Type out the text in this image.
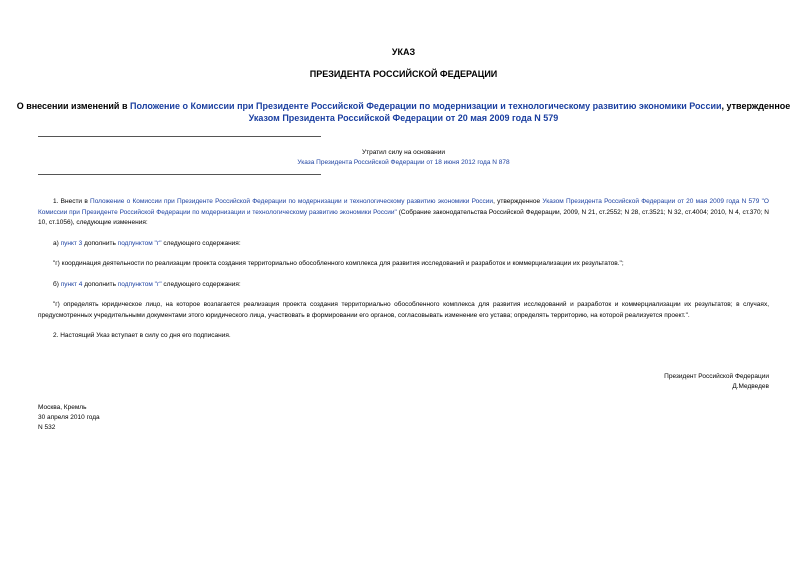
УКАЗ
ПРЕЗИДЕНТА РОССИЙСКОЙ ФЕДЕРАЦИИ
О внесении изменений в Положение о Комиссии при Президенте Российской Федерации по модернизации и технологическому развитию экономики России, утвержденное Указом Президента Российской Федерации от 20 мая 2009 года N 579
Утратил силу на основании
Указа Президента Российской Федерации от 18 июня 2012 года N 878

1. Внести в Положение о Комиссии при Президенте Российской Федерации по модернизации и технологическому развитию экономики России, утвержденное Указом Президента Российской Федерации от 20 мая 2009 года N 579 "О Комиссии при Президенте Российской Федерации по модернизации и технологическому развитию экономики России" (Собрание законодательства Российской Федерации, 2009, N 21, ст.2552; N 28, ст.3521; N 32, ст.4004; 2010, N 4, ст.370; N 10, ст.1056), следующие изменения:

а) пункт 3 дополнить подпунктом "г" следующего содержания:

"г) координация деятельности по реализации проекта создания территориально обособленного комплекса для развития исследований и разработок и коммерциализации их результатов.";

б) пункт 4 дополнить подпунктом "г" следующего содержания:

"г) определять юридическое лицо, на которое возлагается реализация проекта создания территориально обособленного комплекса для развития исследований и разработок и коммерциализации их результатов; в случаях, предусмотренных учредительными документами этого юридического лица, участвовать в формировании его органов, согласовывать изменение его устава; определять территорию, на которой реализуется проект.".

2. Настоящий Указ вступает в силу со дня его подписания.

Президент Российской Федерации
Д.Медведев
Москва, Кремль
30 апреля 2010 года
N 532
